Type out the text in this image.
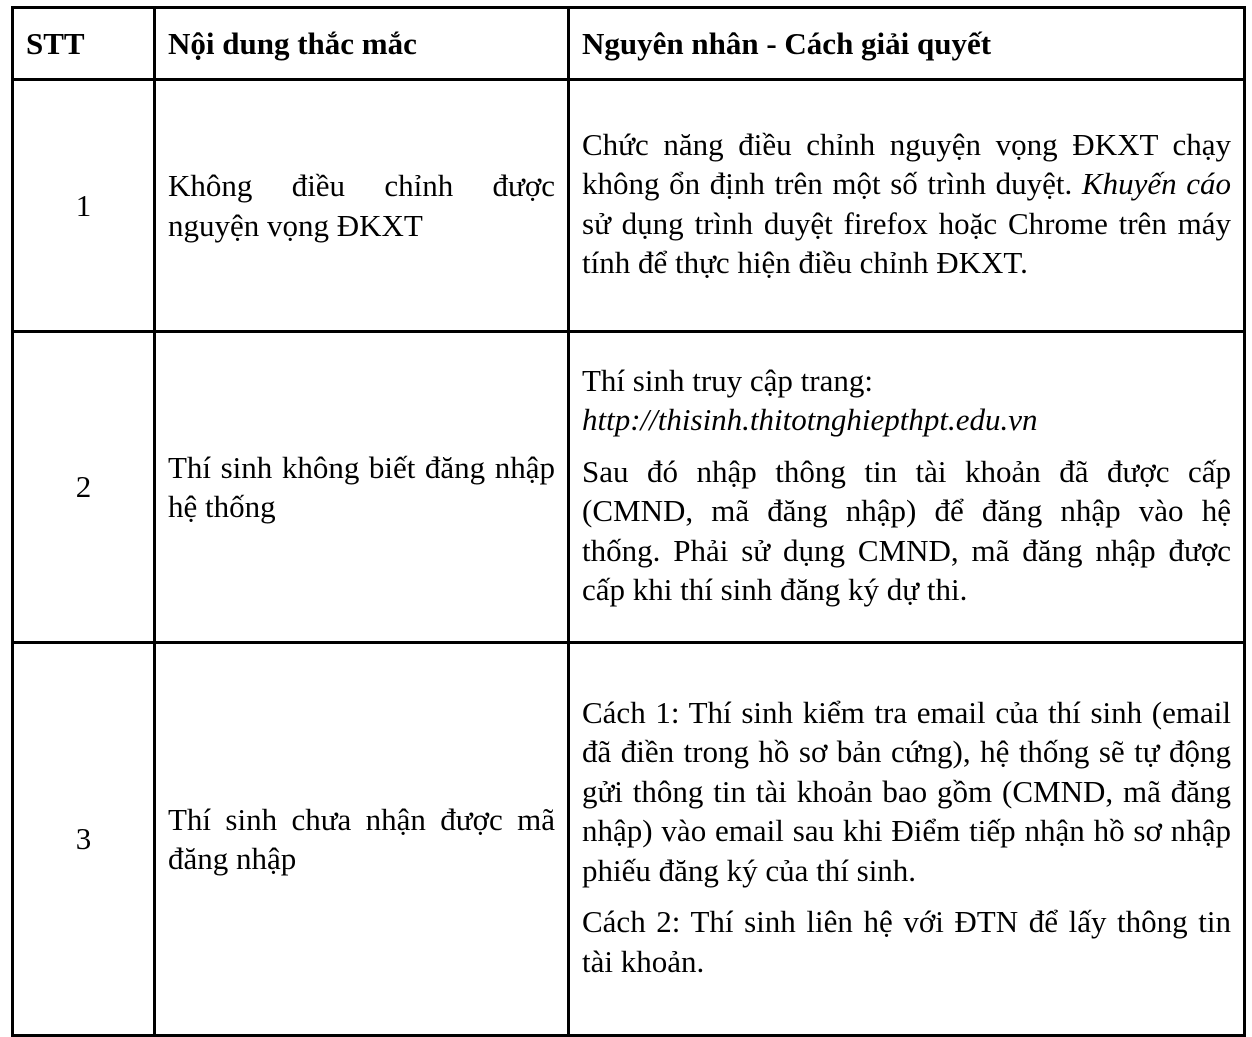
STT	Nội dung thắc mắc	Nguyên nhân - Cách giải quyết
1	Không điều chỉnh được nguyện vọng ĐKXT	Chức năng điều chỉnh nguyện vọng ĐKXT chạy không ổn định trên một số trình duyệt. Khuyến cáo sử dụng trình duyệt firefox hoặc Chrome trên máy tính để thực hiện điều chỉnh ĐKXT.

2	Thí sinh không biết đăng nhập hệ thống	Thí sinh truy cập trang:
http://thisinh.thitotnghiepthpt.edu.vn

Sau đó nhập thông tin tài khoản đã được cấp (CMND, mã đăng nhập) để đăng nhập vào hệ thống. Phải sử dụng CMND, mã đăng nhập được cấp khi thí sinh đăng ký dự thi.

3	Thí sinh chưa nhận được mã đăng nhập	Cách 1: Thí sinh kiểm tra email của thí sinh (email đã điền trong hồ sơ bản cứng), hệ thống sẽ tự động gửi thông tin tài khoản bao gồm (CMND, mã đăng nhập) vào email sau khi Điểm tiếp nhận hồ sơ nhập phiếu đăng ký của thí sinh.

Cách 2: Thí sinh liên hệ với ĐTN để lấy thông tin tài khoản.
